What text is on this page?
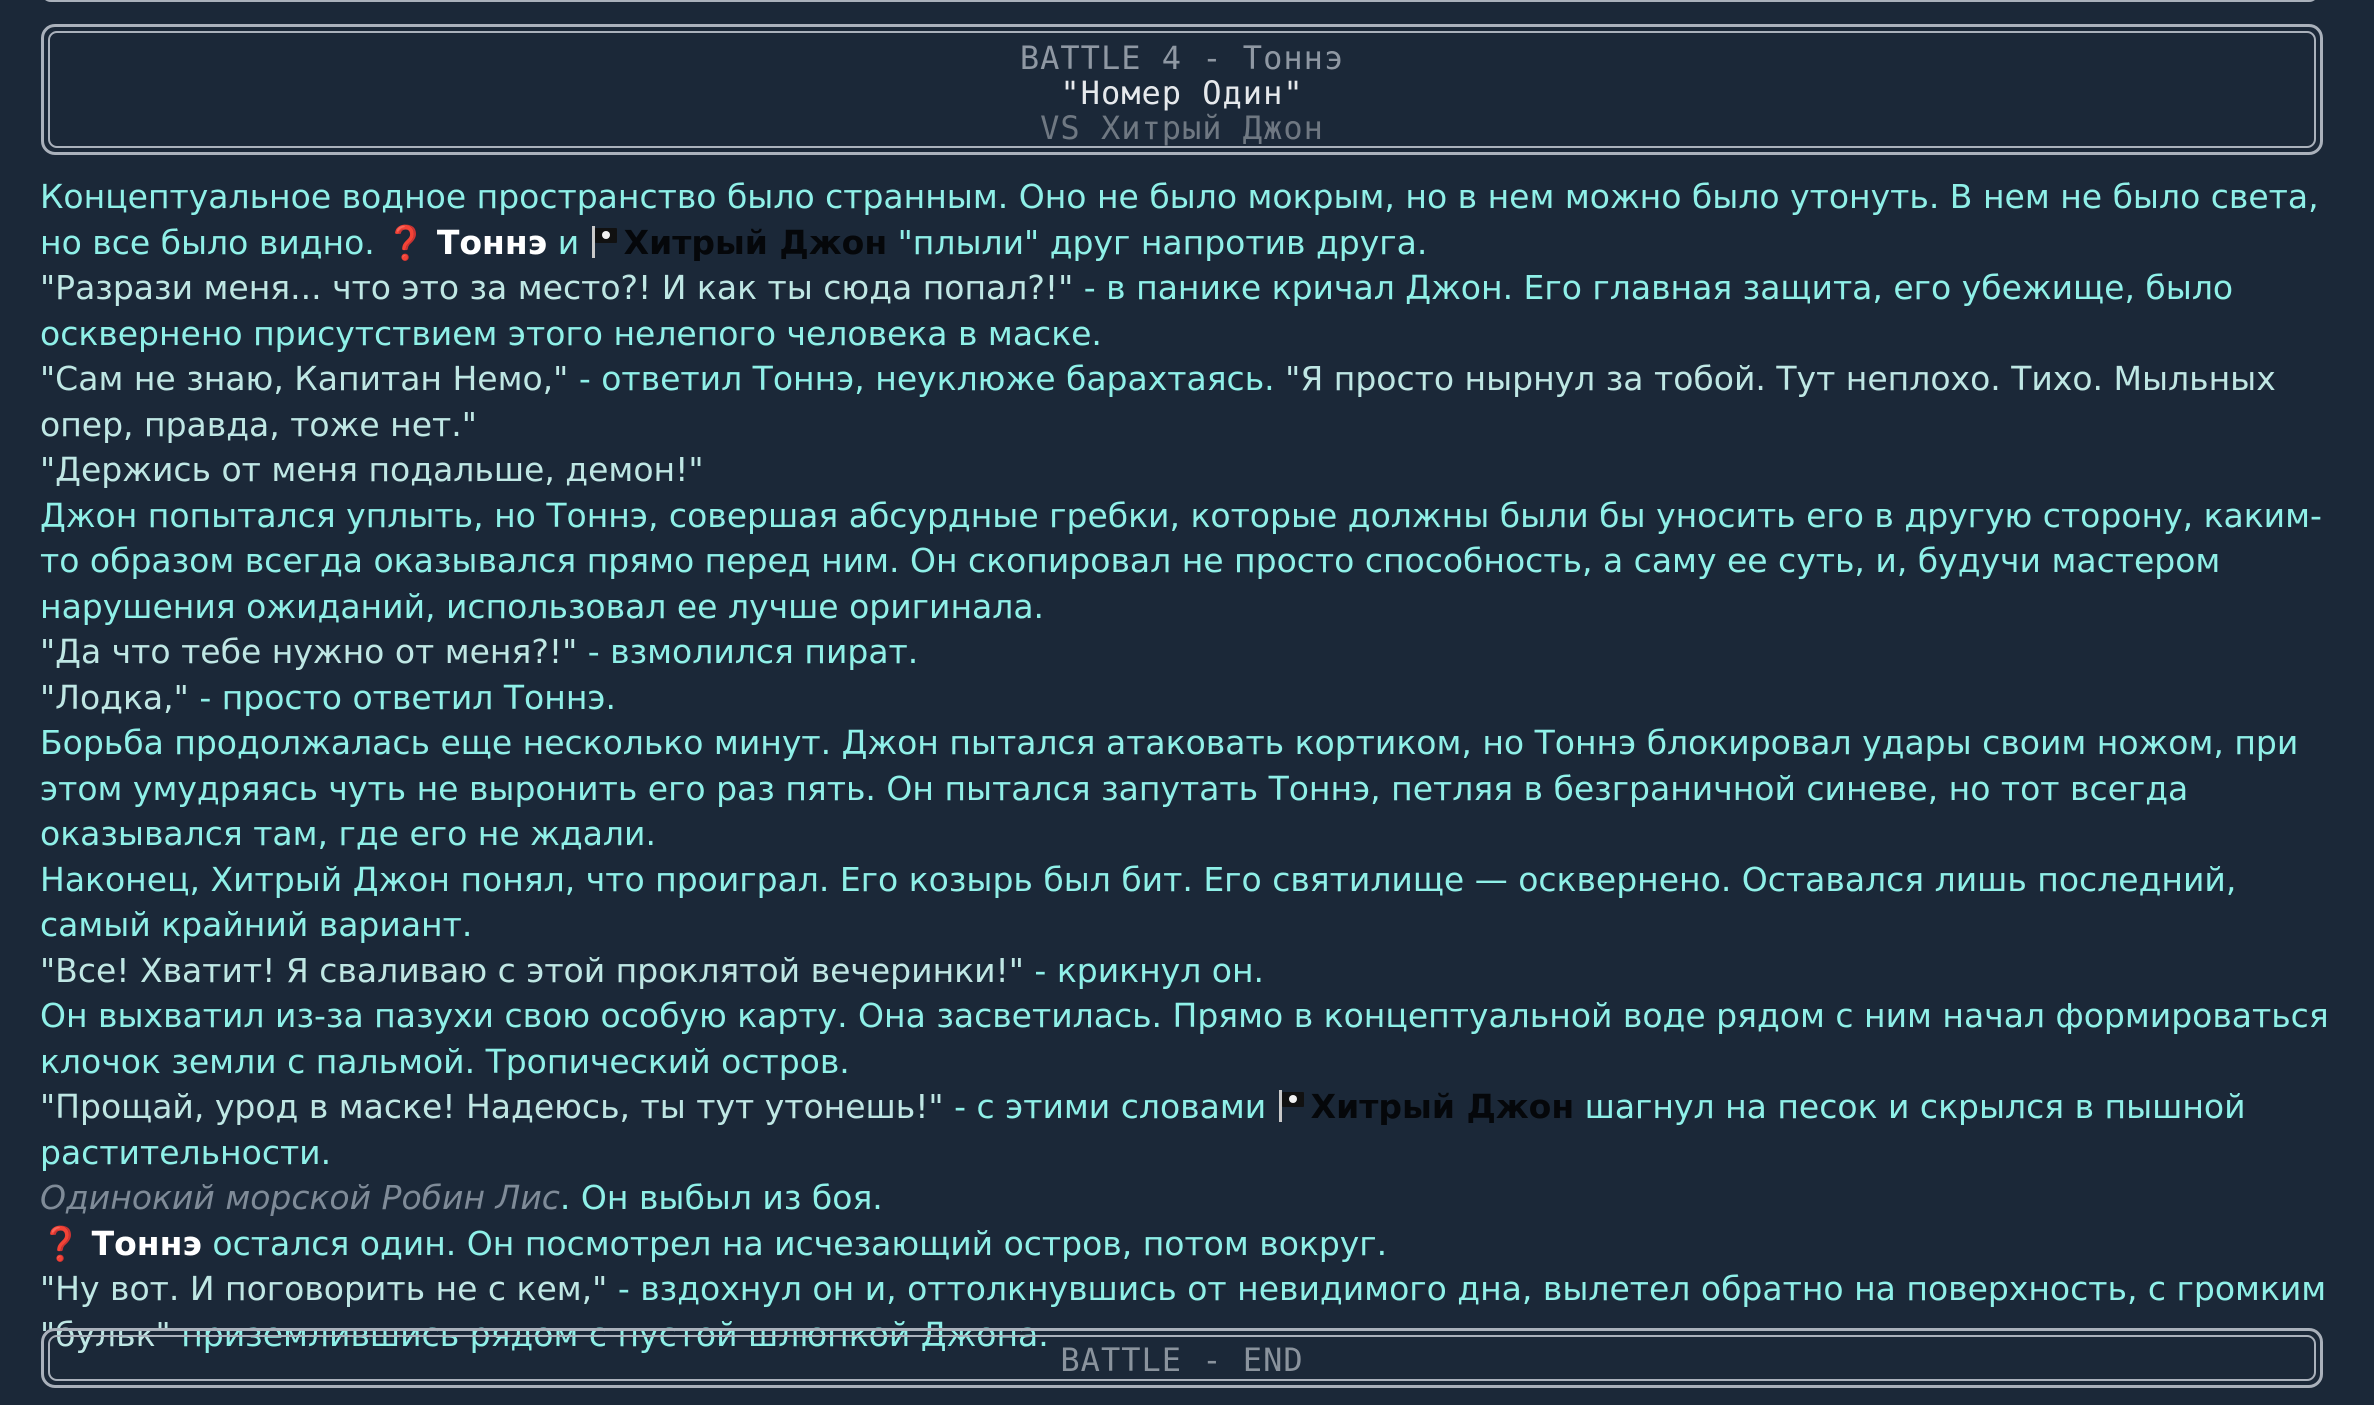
BATTLE 4 - Тоннэ
"Номер Один"
VS Хитрый Джон

Концептуальное водное пространство было странным. Оно не было мокрым, но в нем можно было утонуть. В нем не было света, но все было видно. ❓ Тоннэ и
Хитрый Джон "плыли" друг напротив друга.

"Разрази меня... что это за место?! И как ты сюда попал?!" - в панике кричал Джон. Его главная защита, его убежище, было осквернено присутствием этого нелепого человека в маске.

"Сам не знаю, Капитан Немо," - ответил Тоннэ, неуклюже барахтаясь. "Я просто нырнул за тобой. Тут неплохо. Тихо. Мыльных опер, правда, тоже нет."

"Держись от меня подальше, демон!"

Джон попытался уплыть, но Тоннэ, совершая абсурдные гребки, которые должны были бы уносить его в другую сторону, каким-то образом всегда оказывался прямо перед ним. Он скопировал не просто способность, а саму ее суть, и, будучи мастером нарушения ожиданий, использовал ее лучше оригинала.

"Да что тебе нужно от меня?!" - взмолился пират.

"Лодка," - просто ответил Тоннэ.

Борьба продолжалась еще несколько минут. Джон пытался атаковать кортиком, но Тоннэ блокировал удары своим ножом, при этом умудряясь чуть не выронить его раз пять. Он пытался запутать Тоннэ, петляя в безграничной синеве, но тот всегда оказывался там, где его не ждали.

Наконец, Хитрый Джон понял, что проиграл. Его козырь был бит. Его святилище — осквернено. Оставался лишь последний, самый крайний вариант.

"Все! Хватит! Я сваливаю с этой проклятой вечеринки!" - крикнул он.

Он выхватил из-за пазухи свою особую карту. Она засветилась. Прямо в концептуальной воде рядом с ним начал формироваться клочок земли с пальмой. Тропический остров.

"Прощай, урод в маске! Надеюсь, ты тут утонешь!" - с этими словами
Хитрый Джон шагнул на песок и скрылся в пышной растительности.

Одинокий морской Робин Лис. Он выбыл из боя.

❓ Тоннэ остался один. Он посмотрел на исчезающий остров, потом вокруг.

"Ну вот. И поговорить не с кем," - вздохнул он и, оттолкнувшись от невидимого дна, вылетел обратно на поверхность, с громким "бульк" приземлившись рядом с пустой шлюпкой Джона.

BATTLE - END
